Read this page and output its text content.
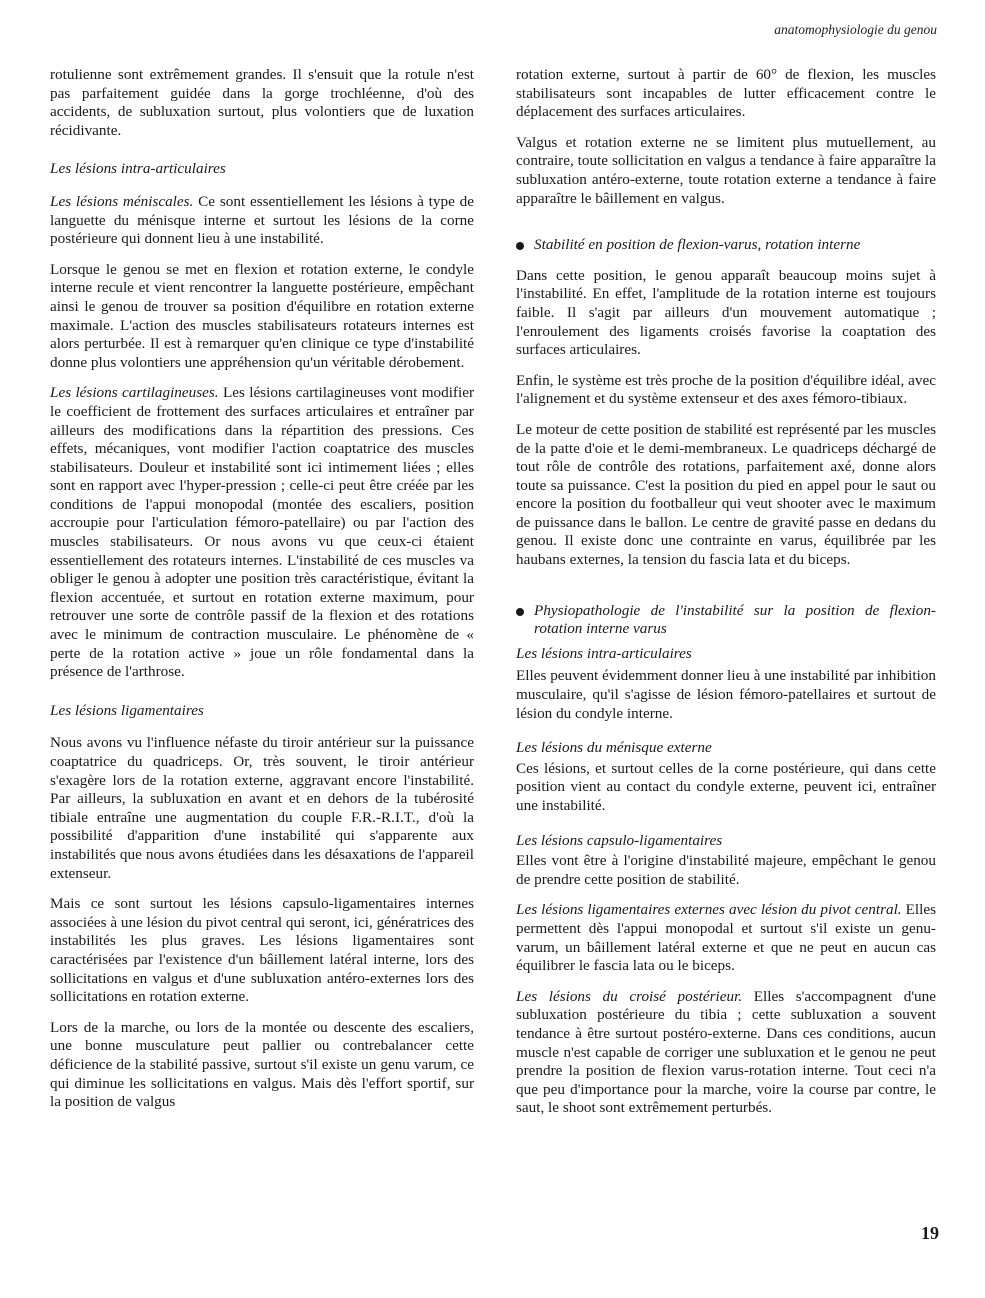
anatomophysiologie du genou

rotulienne sont extrêmement grandes. Il s'ensuit que la rotule n'est pas parfaitement guidée dans la gorge trochléenne, d'où des accidents, de subluxation surtout, plus volontiers que de luxation récidivante.

Les lésions intra-articulaires

Les lésions méniscales. Ce sont essentiellement les lésions à type de languette du ménisque interne et surtout les lésions de la corne postérieure qui donnent lieu à une instabilité.

Lorsque le genou se met en flexion et rotation externe, le condyle interne recule et vient rencontrer la languette postérieure, empêchant ainsi le genou de trouver sa position d'équilibre en rotation externe maximale. L'action des muscles stabilisateurs rotateurs internes est alors perturbée. Il est à remarquer qu'en clinique ce type d'instabilité donne plus volontiers une appréhension qu'un véritable dérobement.

Les lésions cartilagineuses. Les lésions cartilagineuses vont modifier le coefficient de frottement des surfaces articulaires et entraîner par ailleurs des modifications dans la répartition des pressions. Ces effets, mécaniques, vont modifier l'action coaptatrice des muscles stabilisateurs. Douleur et instabilité sont ici intimement liées ; elles sont en rapport avec l'hyper-pression ; celle-ci peut être créée par les conditions de l'appui monopodal (montée des escaliers, position accroupie pour l'articulation fémoro-patellaire) ou par l'action des muscles stabilisateurs. Or nous avons vu que ceux-ci étaient essentiellement des rotateurs internes. L'instabilité de ces muscles va obliger le genou à adopter une position très caractéristique, évitant la flexion accentuée, et surtout en rotation externe maximum, pour retrouver une sorte de contrôle passif de la flexion et des rotations avec le minimum de contraction musculaire. Le phénomène de « perte de la rotation active » joue un rôle fondamental dans la présence de l'arthrose.

Les lésions ligamentaires

Nous avons vu l'influence néfaste du tiroir antérieur sur la puissance coaptatrice du quadriceps. Or, très souvent, le tiroir antérieur s'exagère lors de la rotation externe, aggravant encore l'instabilité. Par ailleurs, la subluxation en avant et en dehors de la tubérosité tibiale entraîne une augmentation du couple F.R.-R.I.T., d'où la possibilité d'apparition d'une instabilité qui s'apparente aux instabilités que nous avons étudiées dans les désaxations de l'appareil extenseur.

Mais ce sont surtout les lésions capsulo-ligamentaires internes associées à une lésion du pivot central qui seront, ici, génératrices des instabilités les plus graves. Les lésions ligamentaires sont caractérisées par l'existence d'un bâillement latéral interne, lors des sollicitations en valgus et d'une subluxation antéro-externes lors des sollicitations en rotation externe.

Lors de la marche, ou lors de la montée ou descente des escaliers, une bonne musculature peut pallier ou contrebalancer cette déficience de la stabilité passive, surtout s'il existe un genu varum, ce qui diminue les sollicitations en valgus. Mais dès l'effort sportif, sur la position de valgus

rotation externe, surtout à partir de 60° de flexion, les muscles stabilisateurs sont incapables de lutter efficacement contre le déplacement des surfaces articulaires.

Valgus et rotation externe ne se limitent plus mutuellement, au contraire, toute sollicitation en valgus a tendance à faire apparaître la subluxation antéro-externe, toute rotation externe a tendance à faire apparaître le bâillement en valgus.

Stabilité en position de flexion-varus, rotation interne

Dans cette position, le genou apparaît beaucoup moins sujet à l'instabilité. En effet, l'amplitude de la rotation interne est toujours faible. Il s'agit par ailleurs d'un mouvement automatique ; l'enroulement des ligaments croisés favorise la coaptation des surfaces articulaires.

Enfin, le système est très proche de la position d'équilibre idéal, avec l'alignement et du système extenseur et des axes fémoro-tibiaux.

Le moteur de cette position de stabilité est représenté par les muscles de la patte d'oie et le demi-membraneux. Le quadriceps déchargé de tout rôle de contrôle des rotations, parfaitement axé, donne alors toute sa puissance. C'est la position du pied en appel pour le saut ou encore la position du footballeur qui veut shooter avec le maximum de puissance dans le ballon. Le centre de gravité passe en dedans du genou. Il existe donc une contrainte en varus, équilibrée par les haubans externes, la tension du fascia lata et du biceps.

Physiopathologie de l'instabilité sur la position de flexion-rotation interne varus

Les lésions intra-articulaires

Elles peuvent évidemment donner lieu à une instabilité par inhibition musculaire, qu'il s'agisse de lésion fémoro-patellaires et surtout de lésion du condyle interne.

Les lésions du ménisque externe

Ces lésions, et surtout celles de la corne postérieure, qui dans cette position vient au contact du condyle externe, peuvent ici, entraîner une instabilité.

Les lésions capsulo-ligamentaires

Elles vont être à l'origine d'instabilité majeure, empêchant le genou de prendre cette position de stabilité.

Les lésions ligamentaires externes avec lésion du pivot central. Elles permettent dès l'appui monopodal et surtout s'il existe un genu-varum, un bâillement latéral externe et que ne peut en aucun cas équilibrer le fascia lata ou le biceps.

Les lésions du croisé postérieur. Elles s'accompagnent d'une subluxation postérieure du tibia ; cette subluxation a souvent tendance à être surtout postéro-externe. Dans ces conditions, aucun muscle n'est capable de corriger une subluxation et le genou ne peut prendre la position de flexion varus-rotation interne. Tout ceci n'a que peu d'importance pour la marche, voire la course par contre, le saut, le shoot sont extrêmement perturbés.

19
